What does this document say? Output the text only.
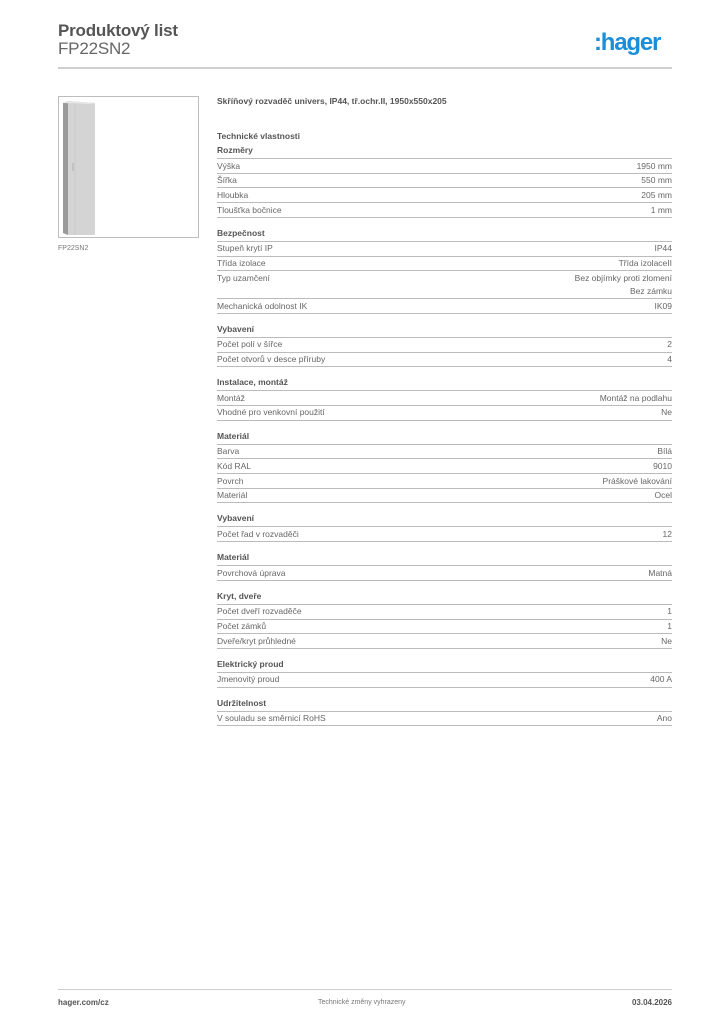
Produktový list
FP22SN2	:hager
FP22SN2
Skříňový rozvaděč univers, IP44, tř.ochr.II, 1950x550x205
Technické vlastnosti
Rozměry
Výška	1950 mm
Šířka	550 mm
Hloubka	205 mm
Tloušťka bočnice	1 mm
Bezpečnost
Stupeň krytí IP	IP44
Třída izolace	Třída izolaceII
Typ uzamčení	Bez objímky proti zlomení
Bez zámku
Mechanická odolnost IK	IK09
Vybavení
Počet polí v šířce	2
Počet otvorů v desce příruby	4
Instalace, montáž
Montáž	Montáž na podlahu
Vhodné pro venkovní použití	Ne
Materiál
Barva	Bílá
Kód RAL	9010
Povrch	Práškové lakování
Materiál	Ocel
Vybavení
Počet řad v rozvaděči	12
Materiál
Povrchová úprava	Matná
Kryt, dveře
Počet dveří rozvaděče	1
Počet zámků	1
Dveře/kryt průhledné	Ne
Elektrický proud
Jmenovitý proud	400 A
Udržitelnost
V souladu se směrnicí RoHS	Ano
hager.com/cz	Technické změny vyhrazeny	03.04.2026
